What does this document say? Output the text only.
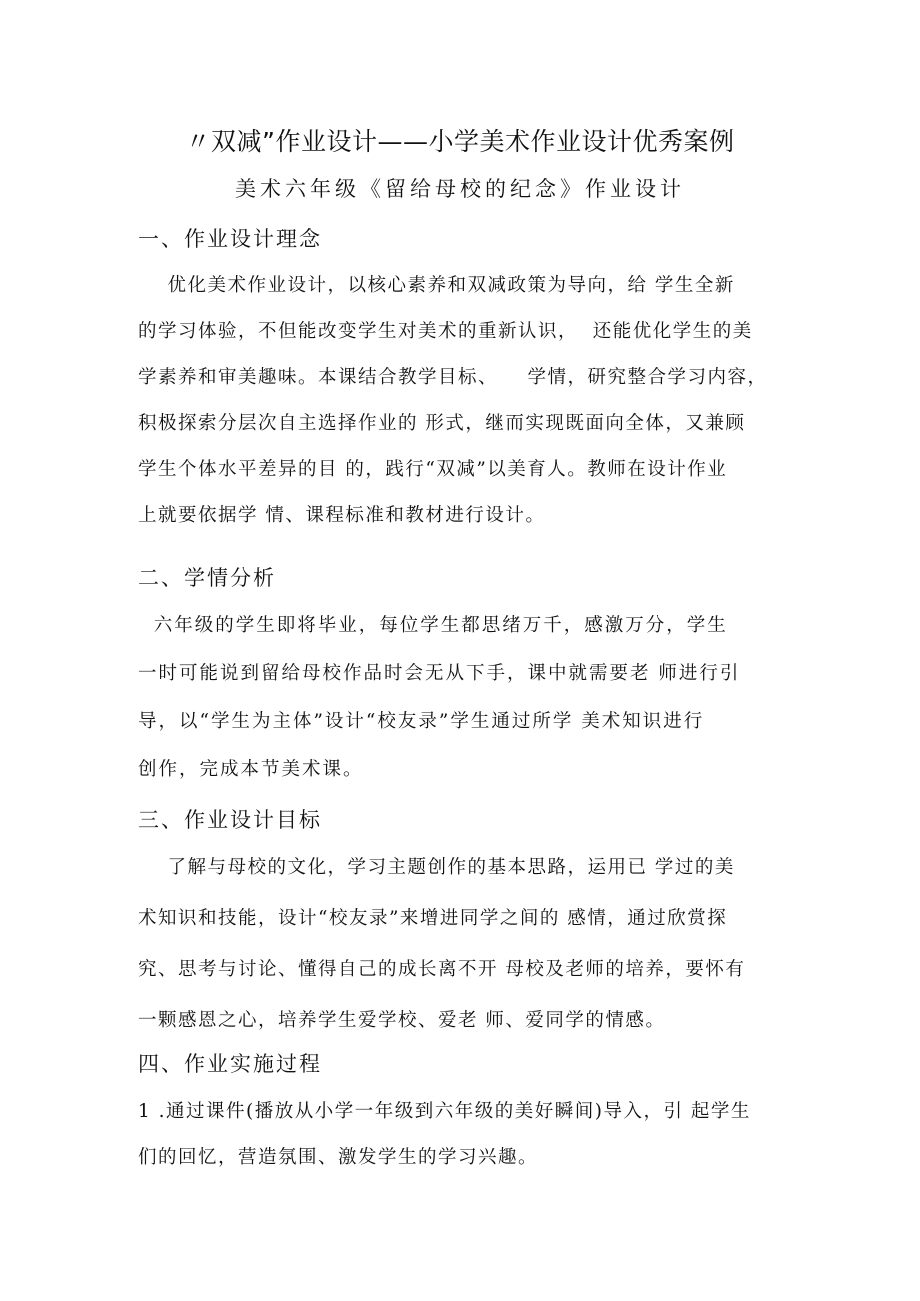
〃双减”作业设计——小学美术作业设计优秀案例
美术六年级《留给母校的纪念》作业设计
一、作业设计理念
优化美术作业设计，以核心素养和双减政策为导向，给 学生全新
的学习体验，不但能改变学生对美术的重新认识，  还能优化学生的美
学素养和审美趣味。本课结合教学目标、    学情，研究整合学习内容，
积极探索分层次自主选择作业的 形式，继而实现既面向全体，又兼顾
学生个体水平差异的目 的，践行“双减”以美育人。教师在设计作业
上就要依据学 情、课程标准和教材进行设计。
二、学情分析
六年级的学生即将毕业，每位学生都思绪万千，感激万分，学生
一时可能说到留给母校作品时会无从下手，课中就需要老 师进行引
导，以“学生为主体”设计“校友录”学生通过所学 美术知识进行
创作，完成本节美术课。
三、作业设计目标
了解与母校的文化，学习主题创作的基本思路，运用已 学过的美
术知识和技能，设计“校友录”来增进同学之间的 感情，通过欣赏探
究、思考与讨论、懂得自己的成长离不开 母校及老师的培养，要怀有
一颗感恩之心，培养学生爱学校、爱老 师、爱同学的情感。
四、作业实施过程
1 .通过课件(播放从小学一年级到六年级的美好瞬间)导入，引 起学生
们的回忆，营造氛围、激发学生的学习兴趣。
